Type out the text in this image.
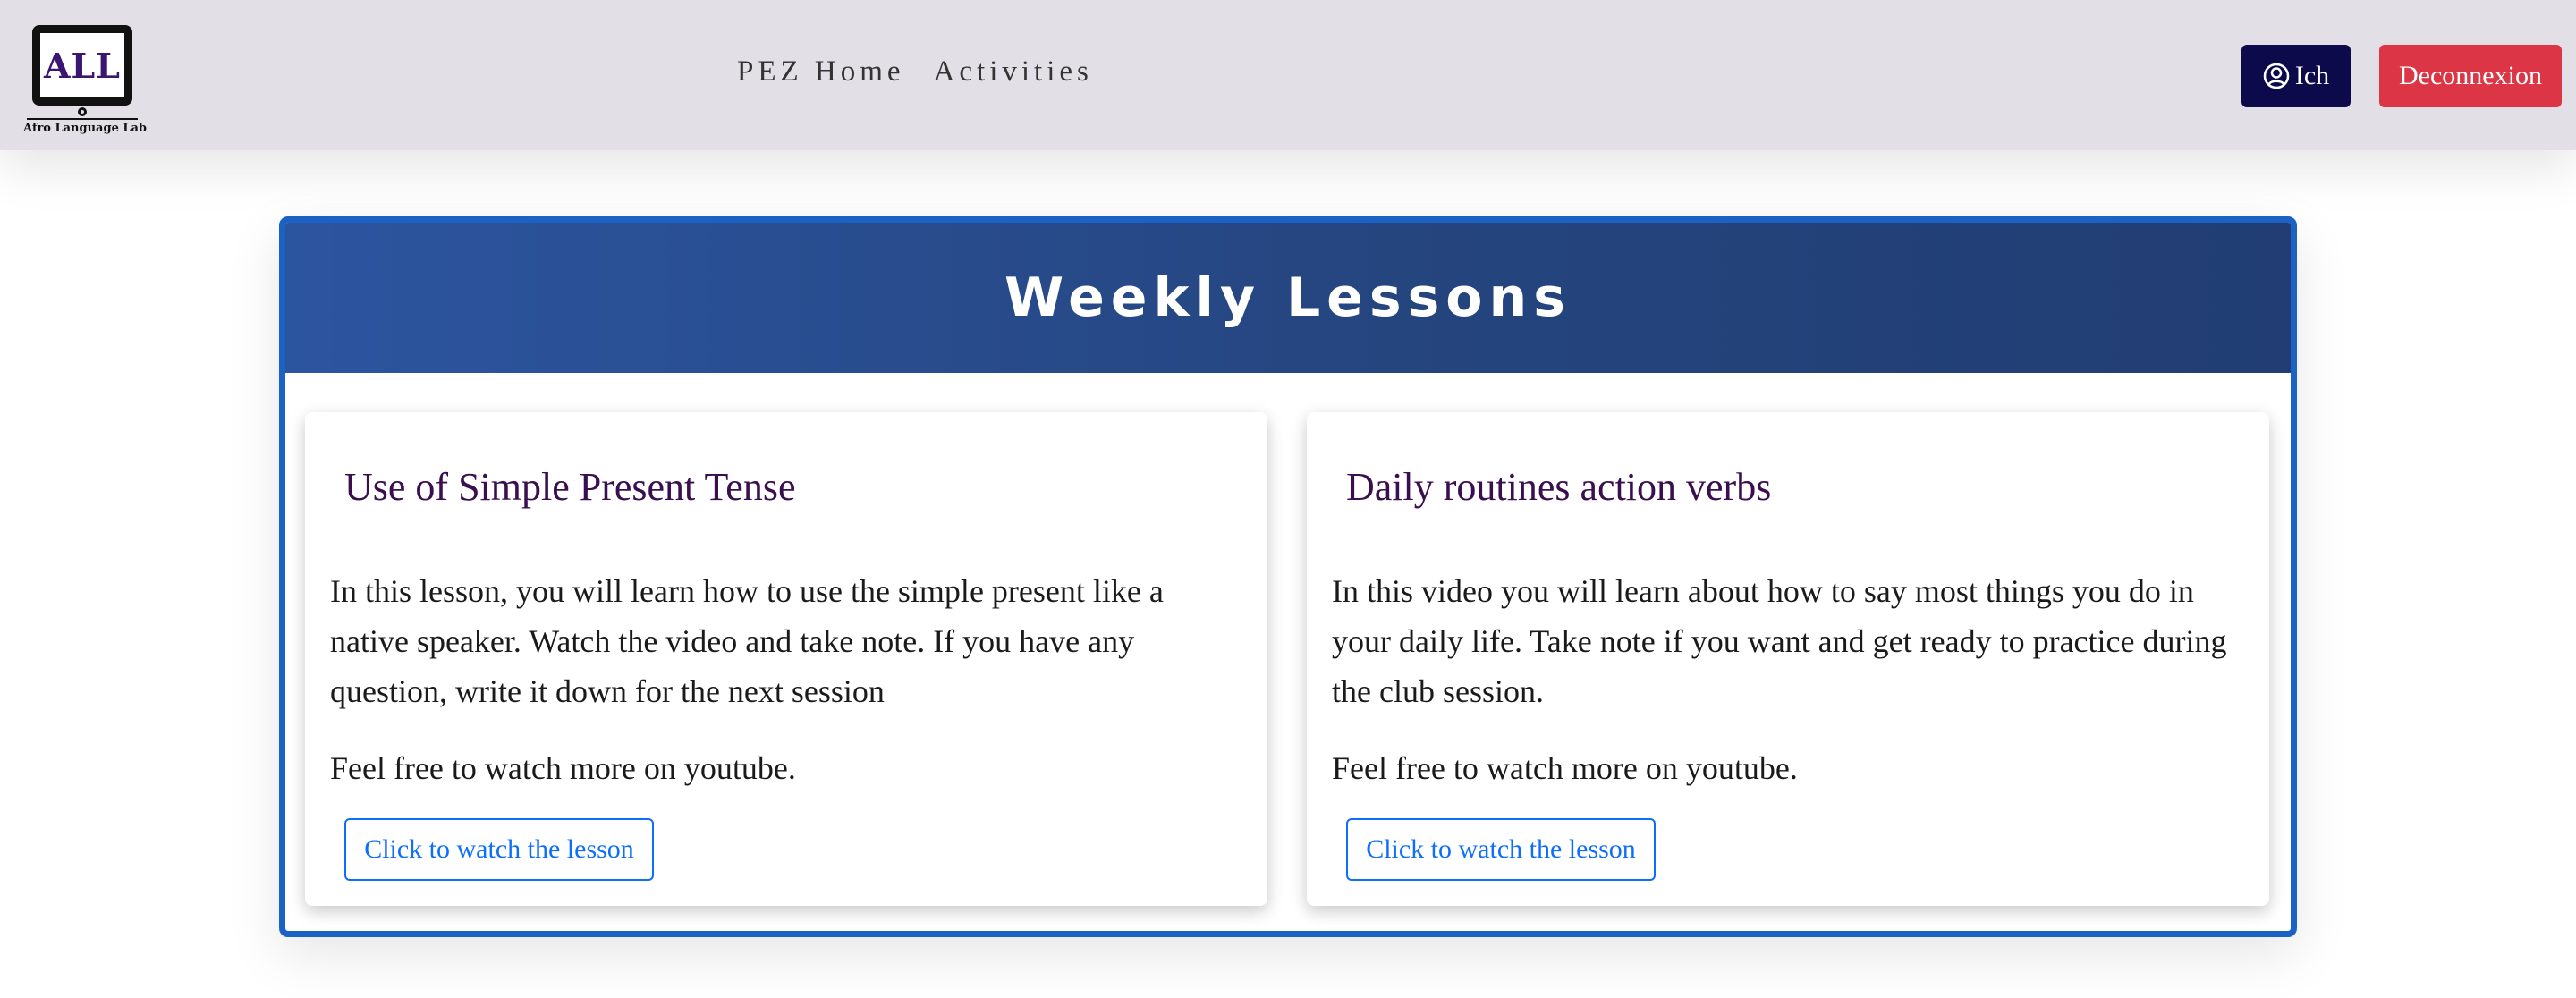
ALL
Afro Language Lab
PEZ Home Activities	Ich	Deconnexion
Weekly Lessons
Use of Simple Present Tense

In this lesson, you will learn how to use the simple present like a native speaker. Watch the video and take note. If you have any question, write it down for the next session

Feel free to watch more on youtube.

Click to watch the lesson
Daily routines action verbs

In this video you will learn about how to say most things you do in your daily life. Take note if you want and get ready to practice during the club session.

Feel free to watch more on youtube.

Click to watch the lesson
